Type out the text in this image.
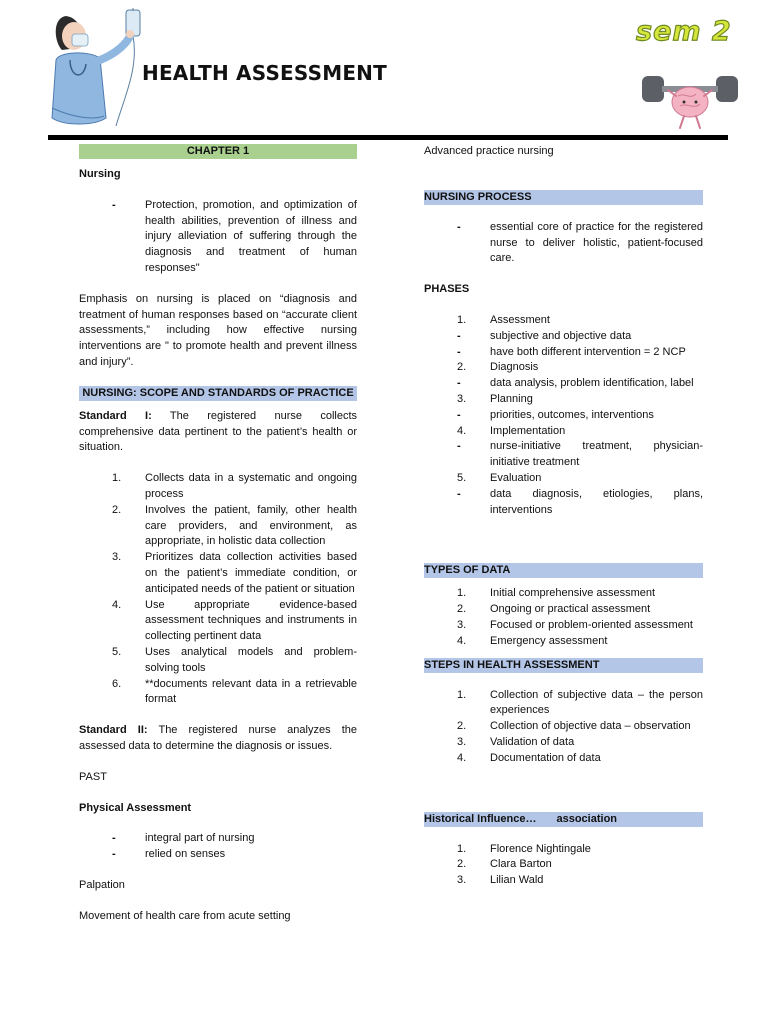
HEALTH ASSESSMENT
sem 2
CHAPTER 1
Nursing
-	Protection, promotion, and optimization of health abilities, prevention of illness and injury alleviation of suffering through the diagnosis and treatment of human responses"
Emphasis on nursing is placed on “diagnosis and treatment of human responses based on “accurate client assessments,” including how effective nursing interventions are " to promote health and prevent illness and injury”.
NURSING: SCOPE AND STANDARDS OF PRACTICE
Standard I: The registered nurse collects comprehensive data pertinent to the patient’s health or situation.
1. Collects data in a systematic and ongoing process
2. Involves the patient, family, other health care providers, and environment, as appropriate, in holistic data collection
3. Prioritizes data collection activities based on the patient’s immediate condition, or anticipated needs of the patient or situation
4. Use appropriate evidence-based assessment techniques and instruments in collecting pertinent data
5. Uses analytical models and problem-solving tools
6. **documents relevant data in a retrievable format
Standard II: The registered nurse analyzes the assessed data to determine the diagnosis or issues.
PAST
Physical Assessment
-	integral part of nursing
-	relied on senses
Palpation
Movement of health care from acute setting
Advanced practice nursing
NURSING PROCESS
-	essential core of practice for the registered nurse to deliver holistic, patient-focused care.
PHASES
1. Assessment
-	subjective and objective data
-	have both different intervention = 2 NCP
2. Diagnosis
-	data analysis, problem identification, label
3. Planning
-	priorities, outcomes, interventions
4. Implementation
-	nurse-initiative treatment, physician-initiative treatment
5. Evaluation
-	data diagnosis, etiologies, plans, interventions
TYPES OF DATA
1. Initial comprehensive assessment
2. Ongoing or practical assessment
3. Focused or problem-oriented assessment
4. Emergency assessment
STEPS IN HEALTH ASSESSMENT
1. Collection of subjective data – the person experiences
2. Collection of objective data – observation
3. Validation of data
4. Documentation of data
Historical Influence… association
1. Florence Nightingale
2. Clara Barton
3. Lilian Wald
